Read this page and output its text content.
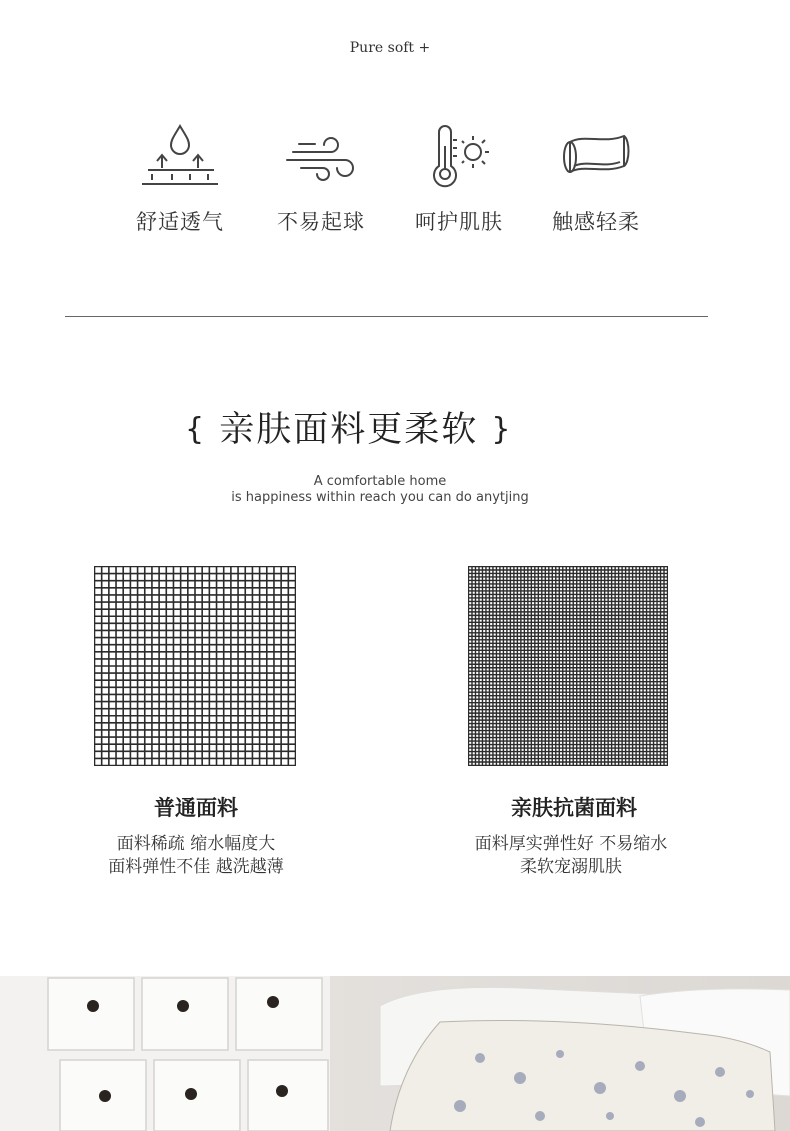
Pure soft +
舒适透气	不易起球	呵护肌肤	触感轻柔
{ 亲肤面料更柔软 }
A comfortable home
is happiness within reach you can do anytjing
普通面料
面料稀疏 缩水幅度大
面料弹性不佳 越洗越薄
亲肤抗菌面料
面料厚实弹性好 不易缩水
柔软宠溺肌肤
